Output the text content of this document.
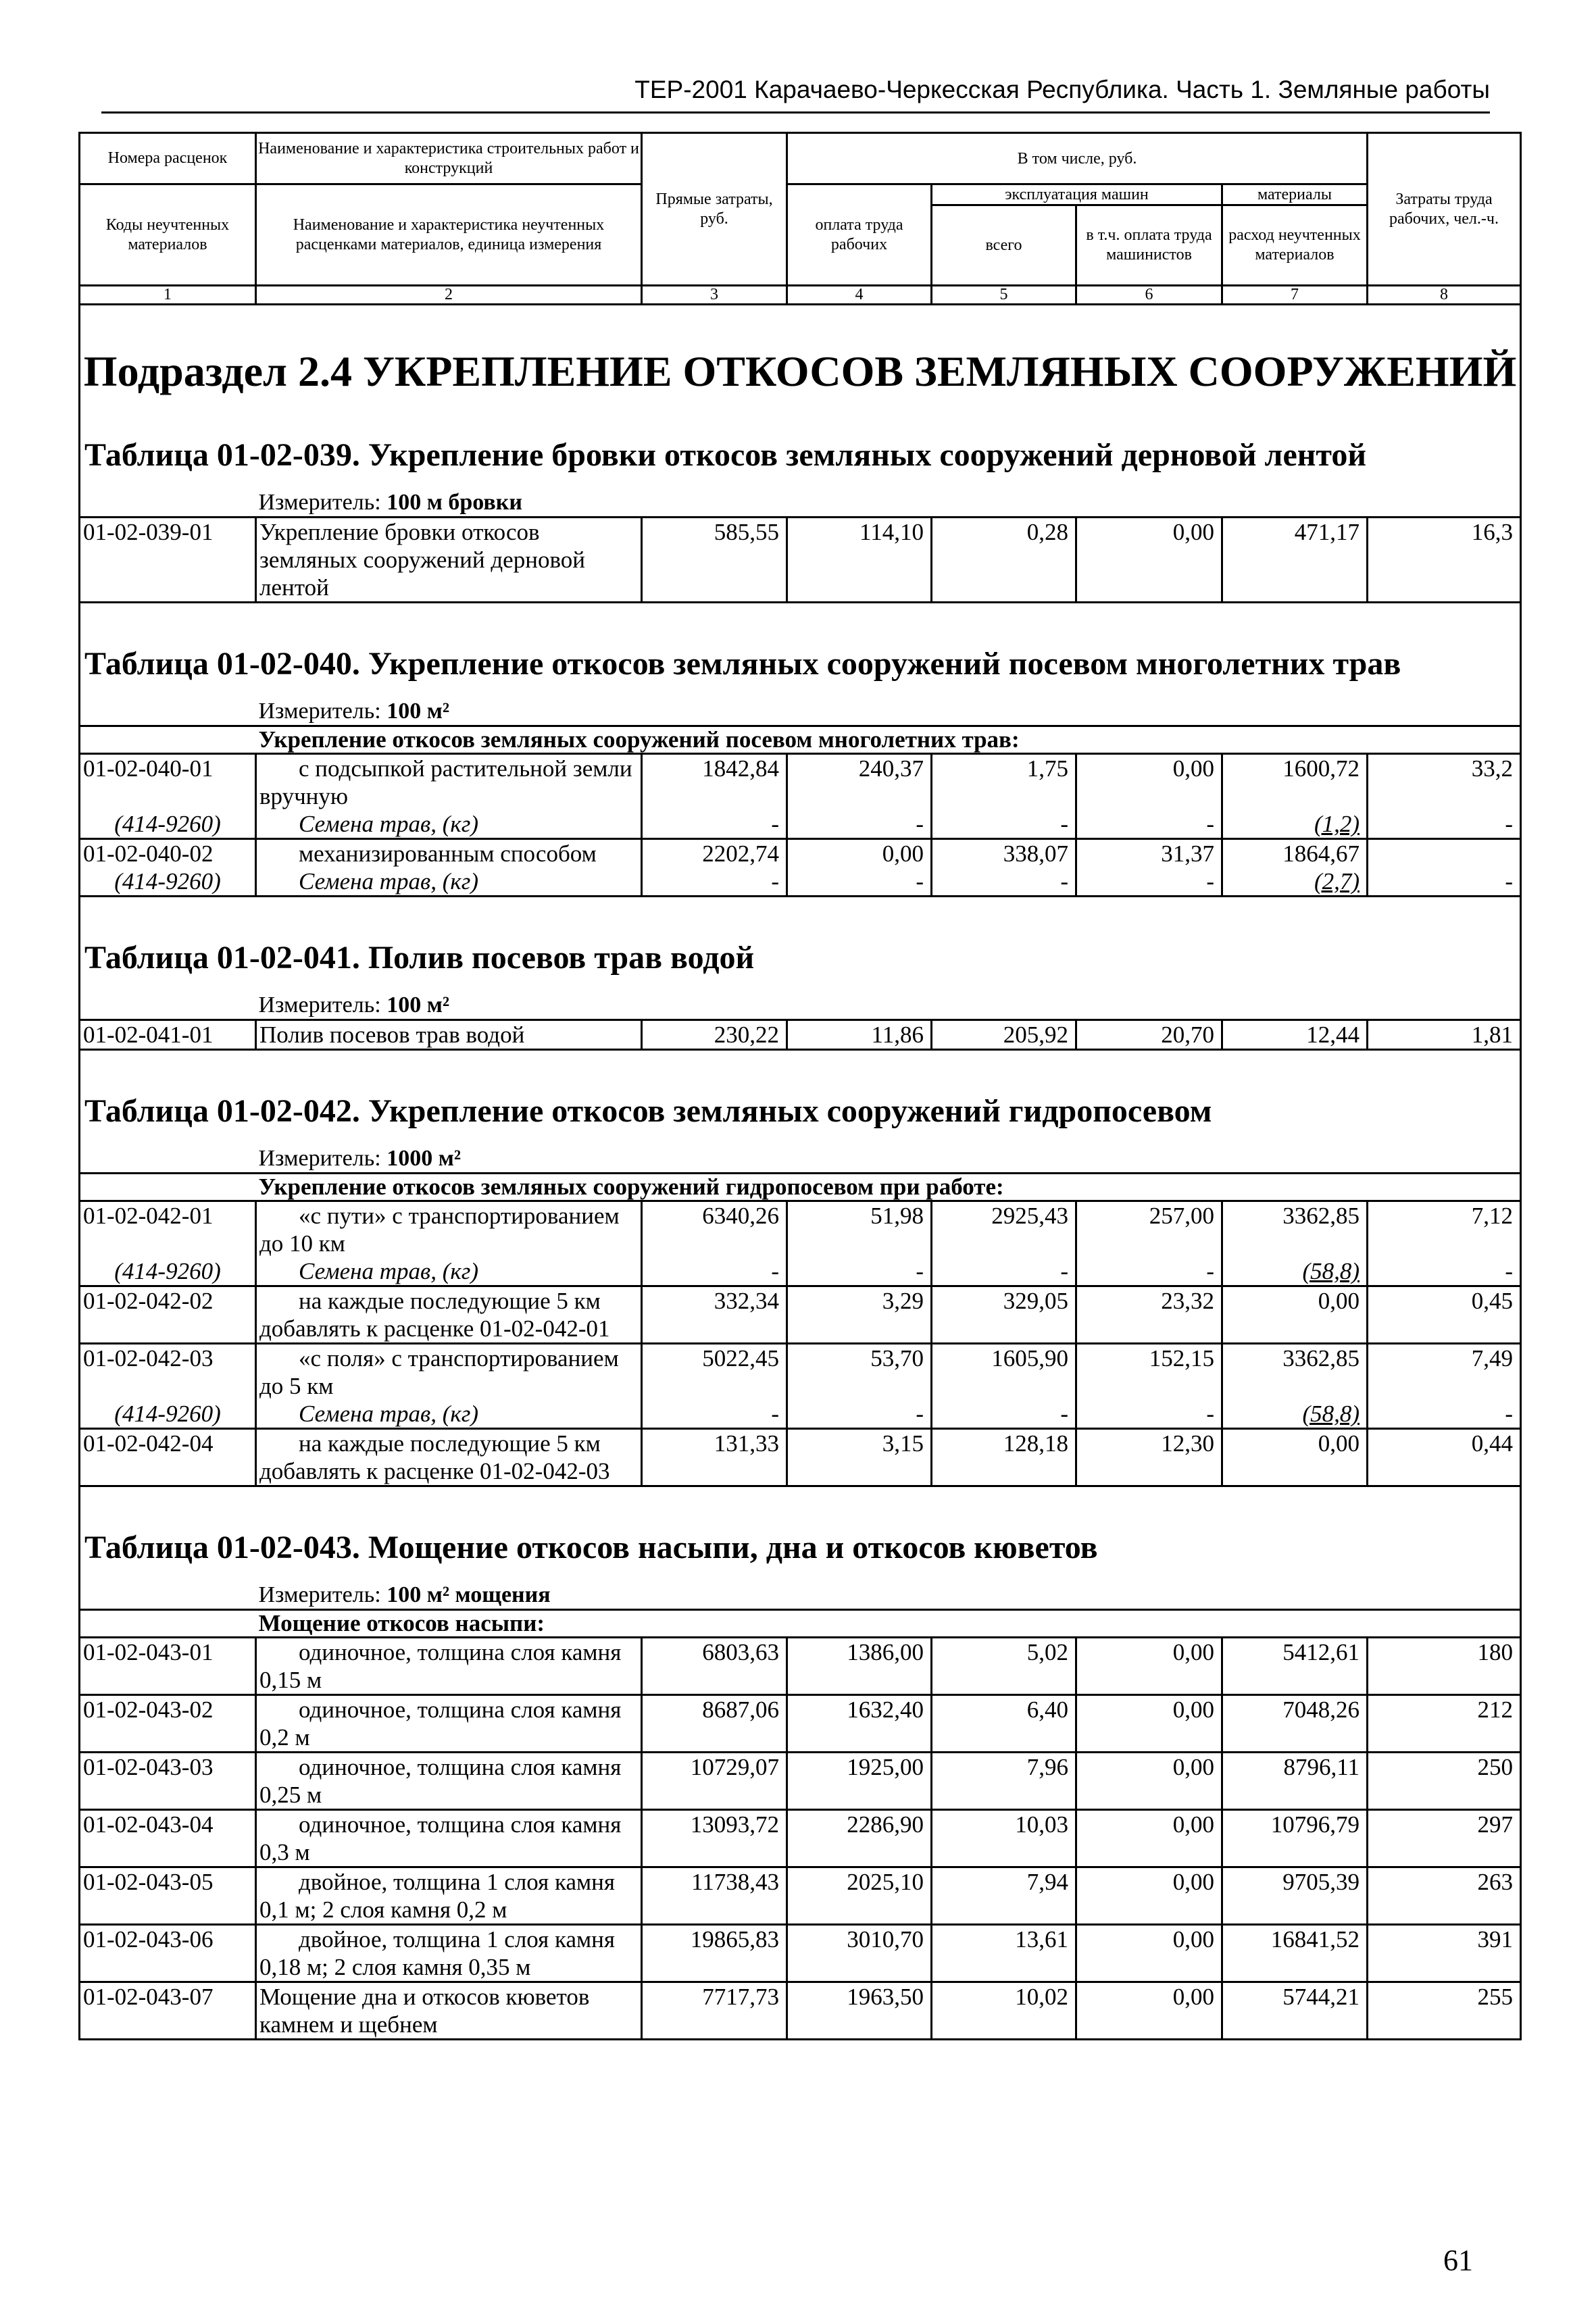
ТЕР-2001 Карачаево-Черкесская Республика. Часть 1. Земляные работы
Номера расценок	Наименование и характеристика строительных работ и конструкций	Прямые затраты, руб.	В том числе, руб.				Затраты труда рабочих, чел.-ч.
Коды неучтенных материалов	Наименование и характеристика неучтенных расценками материалов, единица измерения		оплата труда рабочих	эксплуатация машин		материалы	
				всего	в т.ч. оплата труда машинистов	расход неучтенных материалов	
1	2	3	4	5	6	7	8
Подраздел 2.4 УКРЕПЛЕНИЕ ОТКОСОВ ЗЕМЛЯНЫХ СООРУЖЕНИЙ							
Таблица 01-02-039. Укрепление бровки откосов земляных сооружений дерновой лентой							
	Измеритель: 100 м бровки						
01-02-039-01	Укрепление бровки откосов земляных сооружений дерновой лентой	585,55	114,10	0,28	0,00	471,17	16,3

Таблица 01-02-040. Укрепление откосов земляных сооружений посевом многолетних трав							
	Измеритель: 100 м²						
	Укрепление откосов земляных сооружений посевом многолетних трав:						
01-02-040-01	с подсыпкой растительной земли вручную	1842,84	240,37	1,75	0,00	1600,72	33,2
(414-9260)	Семена трав, (кг)	-	-	-	-	(1,2)	-
01-02-040-02	механизированным способом	2202,74	0,00	338,07	31,37	1864,67	
(414-9260)	Семена трав, (кг)	-	-	-	-	(2,7)	-

Таблица 01-02-041. Полив посевов трав водой							
	Измеритель: 100 м²						
01-02-041-01	Полив посевов трав водой	230,22	11,86	205,92	20,70	12,44	1,81

Таблица 01-02-042. Укрепление откосов земляных сооружений гидропосевом							
	Измеритель: 1000 м²						
	Укрепление откосов земляных сооружений гидропосевом при работе:						
01-02-042-01	«с пути» с транспортированием до 10 км	6340,26	51,98	2925,43	257,00	3362,85	7,12
(414-9260)	Семена трав, (кг)	-	-	-	-	(58,8)	-
01-02-042-02	на каждые последующие 5 км добавлять к расценке 01-02-042-01	332,34	3,29	329,05	23,32	0,00	0,45
01-02-042-03	«с поля» с транспортированием до 5 км	5022,45	53,70	1605,90	152,15	3362,85	7,49
(414-9260)	Семена трав, (кг)	-	-	-	-	(58,8)	-
01-02-042-04	на каждые последующие 5 км добавлять к расценке 01-02-042-03	131,33	3,15	128,18	12,30	0,00	0,44

Таблица 01-02-043. Мощение откосов насыпи, дна и откосов кюветов							
	Измеритель: 100 м² мощения						
	Мощение откосов насыпи:						
01-02-043-01	одиночное, толщина слоя камня 0,15 м	6803,63	1386,00	5,02	0,00	5412,61	180
01-02-043-02	одиночное, толщина слоя камня 0,2 м	8687,06	1632,40	6,40	0,00	7048,26	212
01-02-043-03	одиночное, толщина слоя камня 0,25 м	10729,07	1925,00	7,96	0,00	8796,11	250
01-02-043-04	одиночное, толщина слоя камня 0,3 м	13093,72	2286,90	10,03	0,00	10796,79	297
01-02-043-05	двойное, толщина 1 слоя камня 0,1 м; 2 слоя камня 0,2 м	11738,43	2025,10	7,94	0,00	9705,39	263
01-02-043-06	двойное, толщина 1 слоя камня 0,18 м; 2 слоя камня 0,35 м	19865,83	3010,70	13,61	0,00	16841,52	391
01-02-043-07	Мощение дна и откосов кюветов камнем и щебнем	7717,73	1963,50	10,02	0,00	5744,21	255
61
